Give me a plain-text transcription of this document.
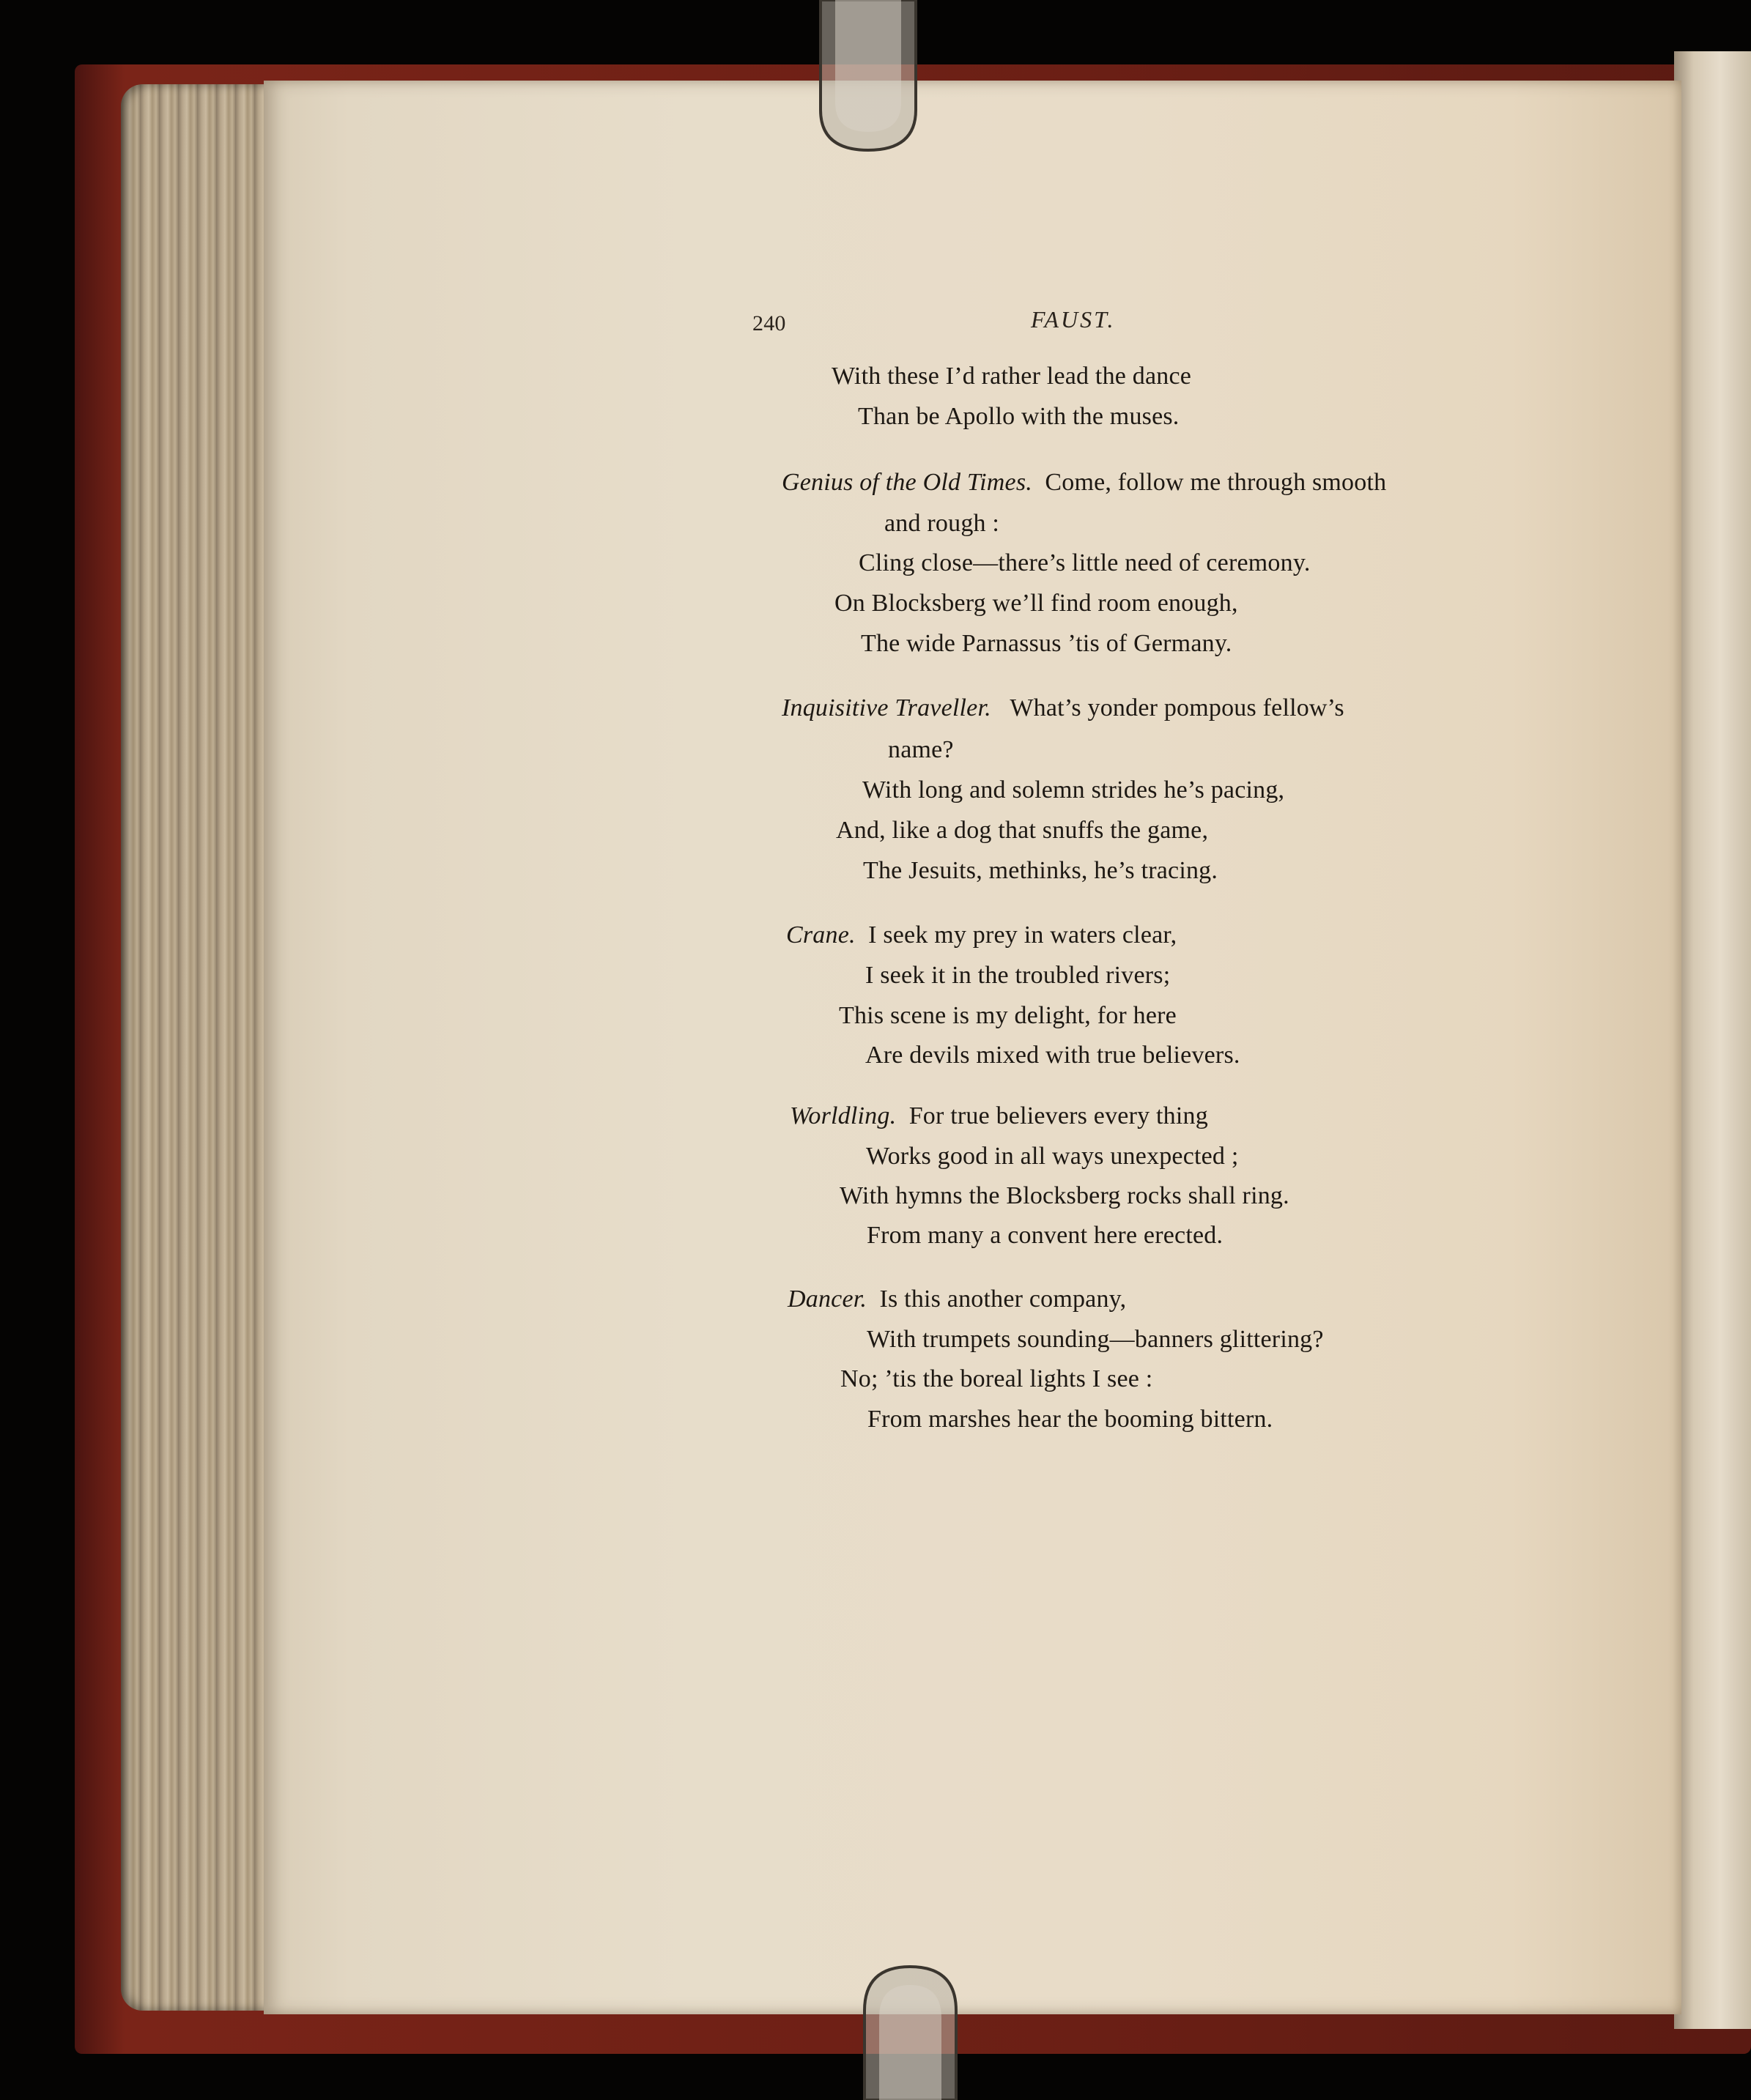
240	FAUST.
With these I’d rather lead the dance
Than be Apollo with the muses.
Genius of the Old Times. Come, follow me through smooth
and rough :
Cling close—there’s little need of ceremony.
On Blocksberg we’ll find room enough,
The wide Parnassus ’tis of Germany.
Inquisitive Traveller. What’s yonder pompous fellow’s
name?
With long and solemn strides he’s pacing,
And, like a dog that snuffs the game,
The Jesuits, methinks, he’s tracing.
Crane. I seek my prey in waters clear,
I seek it in the troubled rivers;
This scene is my delight, for here
Are devils mixed with true believers.
Worldling. For true believers every thing
Works good in all ways unexpected ;
With hymns the Blocksberg rocks shall ring.
From many a convent here erected.
Dancer. Is this another company,
With trumpets sounding—banners glittering?
No; ’tis the boreal lights I see :
From marshes hear the booming bittern.
